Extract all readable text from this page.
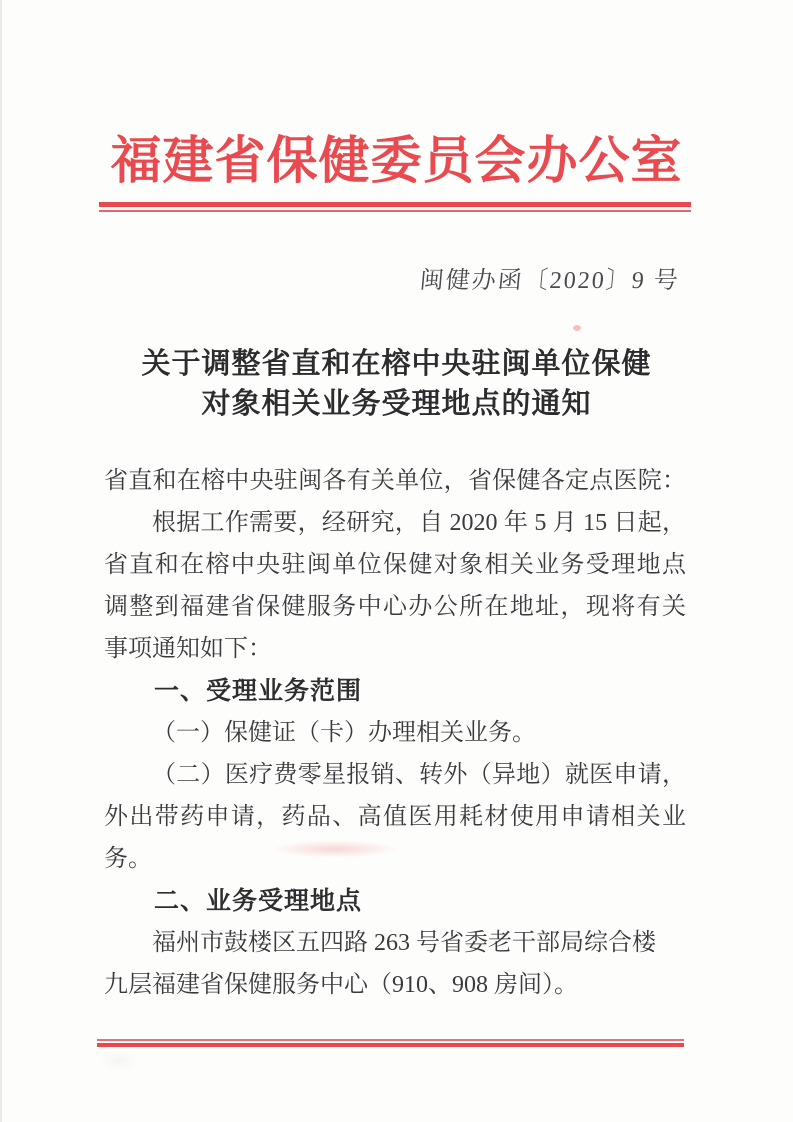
福建省保健委员会办公室
闽健办函〔2020〕9 号
关于调整省直和在榕中央驻闽单位保健
对象相关业务受理地点的通知
省直和在榕中央驻闽各有关单位，省保健各定点医院：
根据工作需要，经研究，自 2020 年 5 月 15 日起，
省直和在榕中央驻闽单位保健对象相关业务受理地点
调整到福建省保健服务中心办公所在地址，现将有关
事项通知如下：
一、受理业务范围
（一）保健证（卡）办理相关业务。
（二）医疗费零星报销、转外（异地）就医申请，
外出带药申请，药品、高值医用耗材使用申请相关业
务。
二、业务受理地点
福州市鼓楼区五四路 263 号省委老干部局综合楼
九层福建省保健服务中心（910、908 房间）。
